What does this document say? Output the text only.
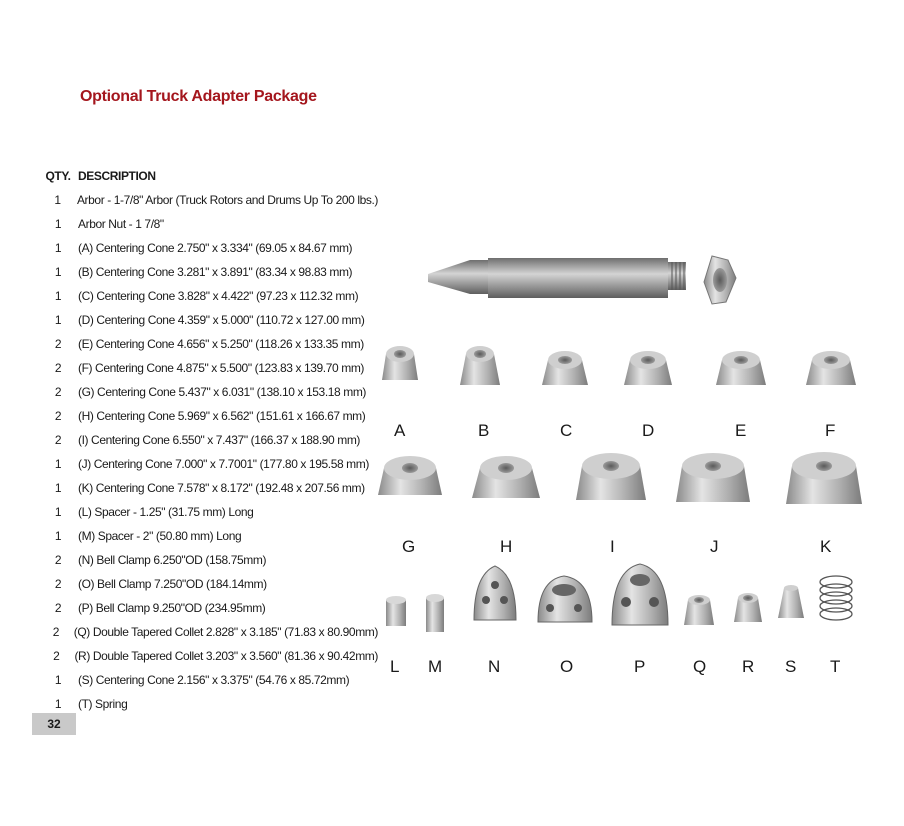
Optional Truck Adapter Package
QTY. DESCRIPTION
1	Arbor - 1-7/8" Arbor (Truck Rotors and Drums Up To 200 lbs.)
1	Arbor Nut - 1 7/8"
1	(A) Centering Cone 2.750" x 3.334" (69.05 x 84.67 mm)
1	(B) Centering Cone 3.281" x 3.891" (83.34 x 98.83 mm)
1	(C) Centering Cone 3.828" x 4.422" (97.23 x 112.32 mm)
1	(D) Centering Cone 4.359" x 5.000" (110.72 x 127.00 mm)
2	(E) Centering Cone 4.656" x 5.250" (118.26 x 133.35 mm)
2	(F) Centering Cone 4.875" x 5.500" (123.83 x 139.70 mm)
2	(G) Centering Cone 5.437" x 6.031" (138.10 x 153.18 mm)
2	(H) Centering Cone 5.969" x 6.562" (151.61 x 166.67 mm)
2	(I) Centering Cone 6.550" x 7.437" (166.37 x 188.90 mm)
1	(J) Centering Cone 7.000" x 7.7001" (177.80 x 195.58 mm)
1	(K) Centering Cone 7.578" x 8.172" (192.48 x 207.56 mm)
1	(L) Spacer - 1.25" (31.75 mm) Long
1	(M) Spacer - 2" (50.80 mm) Long
2	(N) Bell Clamp 6.250"OD (158.75mm)
2	(O) Bell Clamp 7.250"OD (184.14mm)
2	(P) Bell Clamp 9.250"OD (234.95mm)
2	(Q) Double Tapered Collet 2.828" x 3.185" (71.83 x 80.90mm)
2	(R) Double Tapered Collet 3.203" x 3.560" (81.36 x 90.42mm)
1	(S) Centering Cone 2.156" x 3.375" (54.76 x 85.72mm)
1	(T) Spring
32
A	B	C	D	E	F
G	H	I	J	K
L M	N	O	P	Q R S T
